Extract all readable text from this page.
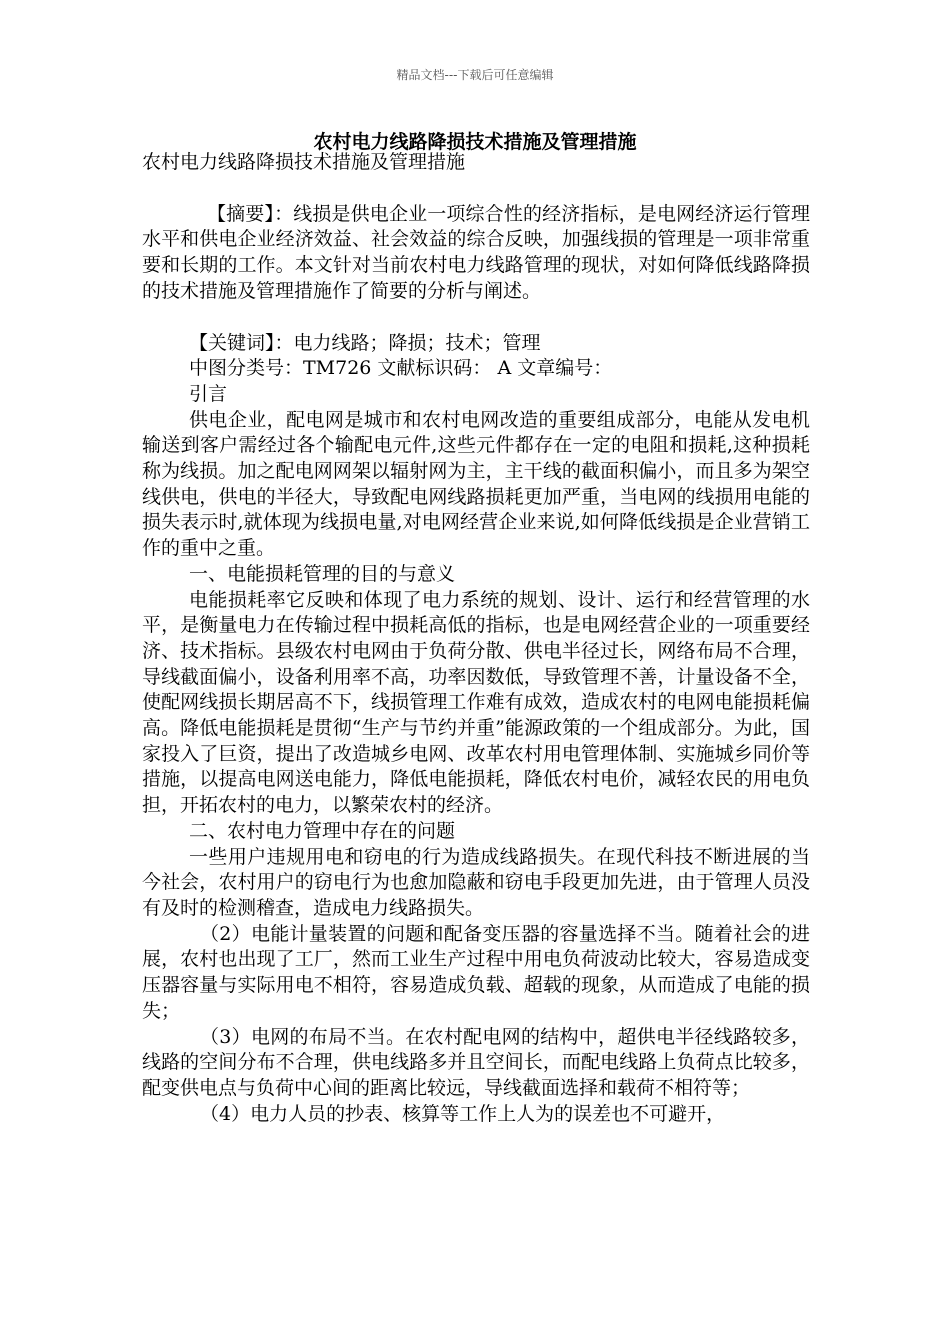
精品文档---下载后可任意编辑
农村电力线路降损技术措施及管理措施

农村电力线路降损技术措施及管理措施

【摘要】：线损是供电企业一项综合性的经济指标，是电网经济运行管理水平和供电企业经济效益、社会效益的综合反映，加强线损的管理是一项非常重要和长期的工作。本文针对当前农村电力线路管理的现状，对如何降低线路降损的技术措施及管理措施作了简要的分析与阐述。

【关键词】：电力线路；降损；技术；管理

中图分类号：TM726 文献标识码： A 文章编号：

引言

供电企业，配电网是城市和农村电网改造的重要组成部分，电能从发电机输送到客户需经过各个输配电元件,这些元件都存在一定的电阻和损耗,这种损耗称为线损。加之配电网网架以辐射网为主，主干线的截面积偏小，而且多为架空线供电，供电的半径大，导致配电网线路损耗更加严重，当电网的线损用电能的损失表示时,就体现为线损电量,对电网经营企业来说,如何降低线损是企业营销工作的重中之重。

一、电能损耗管理的目的与意义

电能损耗率它反映和体现了电力系统的规划、设计、运行和经营管理的水平，是衡量电力在传输过程中损耗高低的指标，也是电网经营企业的一项重要经济、技术指标。县级农村电网由于负荷分散、供电半径过长，网络布局不合理，导线截面偏小，设备利用率不高，功率因数低，导致管理不善，计量设备不全，使配网线损长期居高不下，线损管理工作难有成效，造成农村的电网电能损耗偏高。降低电能损耗是贯彻“生产与节约并重”能源政策的一个组成部分。为此，国家投入了巨资，提出了改造城乡电网、改革农村用电管理体制、实施城乡同价等措施，以提高电网送电能力，降低电能损耗，降低农村电价，减轻农民的用电负担，开拓农村的电力，以繁荣农村的经济。

二、农村电力管理中存在的问题

一些用户违规用电和窃电的行为造成线路损失。在现代科技不断进展的当今社会，农村用户的窃电行为也愈加隐蔽和窃电手段更加先进，由于管理人员没有及时的检测稽查，造成电力线路损失。

（2）电能计量装置的问题和配备变压器的容量选择不当。随着社会的进展，农村也出现了工厂，然而工业生产过程中用电负荷波动比较大，容易造成变压器容量与实际用电不相符，容易造成负载、超载的现象，从而造成了电能的损失；

（3）电网的布局不当。在农村配电网的结构中，超供电半径线路较多，线路的空间分布不合理，供电线路多并且空间长，而配电线路上负荷点比较多，配变供电点与负荷中心间的距离比较远，导线截面选择和载荷不相符等；

（4）电力人员的抄表、核算等工作上人为的误差也不可避开，
